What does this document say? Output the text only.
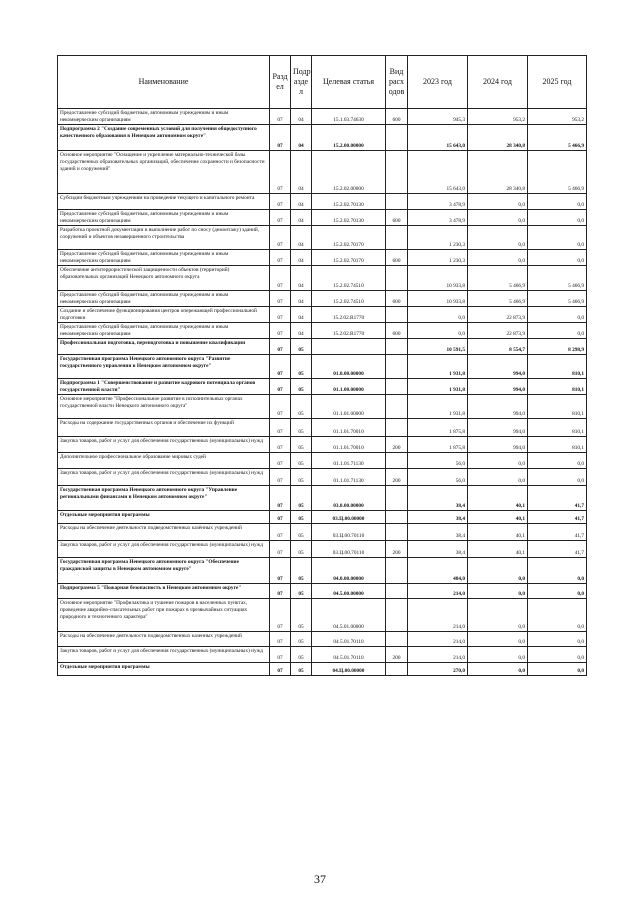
Наименование	Разд ел	Подр азде л	Целевая статья	Вид расх одов	2023 год	2024 год	2025 год
Предоставление субсидий бюджетным, автономным учреждениям и иным некоммерческим организациям	07	04	15.1.03.74630	600	945,3	953,2	953,2
Подпрограмма 2 "Создание современных условий для получения общедоступного качественного образования в Ненецком автономном округе"	07	04	15.2.00.00000		15 643,0	28 340,8	5 466,9
Основное мероприятие "Оснащение и укрепление материально-технической базы государственных образовательных организаций, обеспечение сохранности и безопасности зданий и сооружений"	07	04	15.2.02.00000		15 643,0	28 340,8	5 466,9
Субсидии бюджетным учреждениям на проведение текущего и капитального ремонта	07	04	15.2.02.70130		3 478,9	0,0	0,0
Предоставление субсидий бюджетным, автономным учреждениям и иным некоммерческим организациям	07	04	15.2.02.70130	600	3 478,9	0,0	0,0
Разработка проектной документации и выполнение работ по сносу (демонтажу) зданий, сооружений и объектов незавершенного строительства	07	04	15.2.02.70170		1 230,3	0,0	0,0
Предоставление субсидий бюджетным, автономным учреждениям и иным некоммерческим организациям	07	04	15.2.02.70170	600	1 230,3	0,0	0,0
Обеспечение антитеррористической защищенности объектов (территорий) образовательных организаций Ненецкого автономного округа	07	04	15.2.02.74510		10 933,8	5 466,9	5 466,9
Предоставление субсидий бюджетным, автономным учреждениям и иным некоммерческим организациям	07	04	15.2.02.74510	600	10 933,8	5 466,9	5 466,9
Создание и обеспечение функционирования центров опережающей профессиональной подготовки	07	04	15.2.02.R1770		0,0	22 873,9	0,0
Предоставление субсидий бюджетным, автономным учреждениям и иным некоммерческим организациям	07	04	15.2.02.R1770	600	0,0	22 873,9	0,0
Профессиональная подготовка, переподготовка и повышение квалификации	07	05			10 591,5	8 554,7	8 298,9
Государственная программа Ненецкого автономного округа "Развитие государственного управления в Ненецком автономном округе"	07	05	01.0.00.00000		1 931,8	994,0	810,1
Подпрограмма 1 "Совершенствование и развитие кадрового потенциала органов государственной власти"	07	05	01.1.00.00000		1 931,8	994,0	810,1
Основное мероприятие "Профессиональное развитие в исполнительных органах государственной власти Ненецкого автономного округа"	07	05	01.1.01.00000		1 931,8	994,0	810,1
Расходы на содержание государственных органов и обеспечение их функций	07	05	01.1.01.70010		1 875,8	994,0	810,1
Закупка товаров, работ и услуг для обеспечения государственных (муниципальных) нужд	07	05	01.1.01.70010	200	1 875,8	994,0	810,1
Дополнительное профессиональное образование мировых судей	07	05	01.1.01.71130		56,0	0,0	0,0
Закупка товаров, работ и услуг для обеспечения государственных (муниципальных) нужд	07	05	01.1.01.71130	200	56,0	0,0	0,0
Государственная программа Ненецкого автономного округа "Управление региональными финансами в Ненецком автономном округе"	07	05	03.0.00.00000		38,4	40,1	41,7
Отдельные мероприятия программы	07	05	03.Ц.00.00000		38,4	40,1	41,7
Расходы на обеспечение деятельности подведомственных казённых учреждений	07	05	03.Ц.00.70110		38,4	40,1	41,7
Закупка товаров, работ и услуг для обеспечения государственных (муниципальных) нужд	07	05	03.Ц.00.70110	200	38,4	40,1	41,7
Государственная программа Ненецкого автономного округа "Обеспечение гражданской защиты в Ненецком автономном округе"	07	05	04.0.00.00000		484,0	0,0	0,0
Подпрограмма 5 "Пожарная безопасность в Ненецком автономном округе"	07	05	04.5.00.00000		214,0	0,0	0,0
Основное мероприятие "Профилактика и тушение пожаров в населенных пунктах, проведение аварийно-спасательных работ при пожарах в чрезвычайных ситуациях природного и техногенного характера"	07	05	04.5.01.00000		214,0	0,0	0,0
Расходы на обеспечение деятельности подведомственных казенных учреждений	07	05	04.5.01.70110		214,0	0,0	0,0
Закупка товаров, работ и услуг для обеспечения государственных (муниципальных) нужд	07	05	04.5.01.70110	200	214,0	0,0	0,0
Отдельные мероприятия программы	07	05	04.Ц.00.00000		270,0	0,0	0,0
37
